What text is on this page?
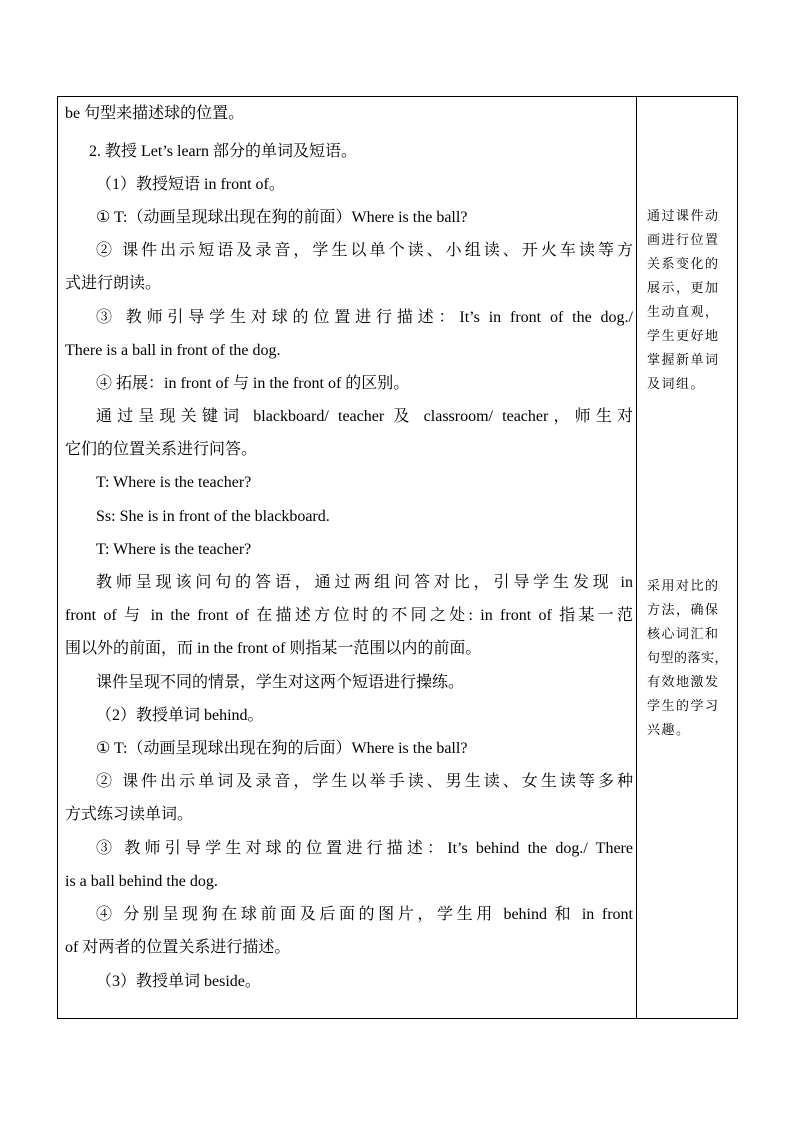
be 句型来描述球的位置。
2. 教授 Let’s learn 部分的单词及短语。
（1）教授短语 in front of。
① T:（动画呈现球出现在狗的前面）Where is the ball?
② 课件出示短语及录音，学生以单个读、小组读、开火车读等方
式进行朗读。
③ 教师引导学生对球的位置进行描述：It’s in front of the dog./
There is a ball in front of the dog.
④ 拓展：in front of 与 in the front of 的区别。
通过呈现关键词 blackboard/ teacher 及 classroom/ teacher，师生对
它们的位置关系进行问答。
T: Where is the teacher?
Ss: She is in front of the blackboard.
T: Where is the teacher?
教师呈现该问句的答语，通过两组问答对比，引导学生发现 in
front of 与 in the front of 在描述方位时的不同之处: in front of 指某一范
围以外的前面，而 in the front of 则指某一范围以内的前面。
课件呈现不同的情景，学生对这两个短语进行操练。
（2）教授单词 behind。
① T:（动画呈现球出现在狗的后面）Where is the ball?
② 课件出示单词及录音，学生以举手读、男生读、女生读等多种
方式练习读单词。
③ 教师引导学生对球的位置进行描述：It’s behind the dog./ There
is a ball behind the dog.
④ 分别呈现狗在球前面及后面的图片，学生用 behind 和 in front
of 对两者的位置关系进行描述。
（3）教授单词 beside。
通过课件动
画进行位置
关系变化的
展示，更加
生动直观，
学生更好地
掌握新单词
及词组。
采用对比的
方法，确保
核心词汇和
句型的落实，
有效地激发
学生的学习
兴趣。
